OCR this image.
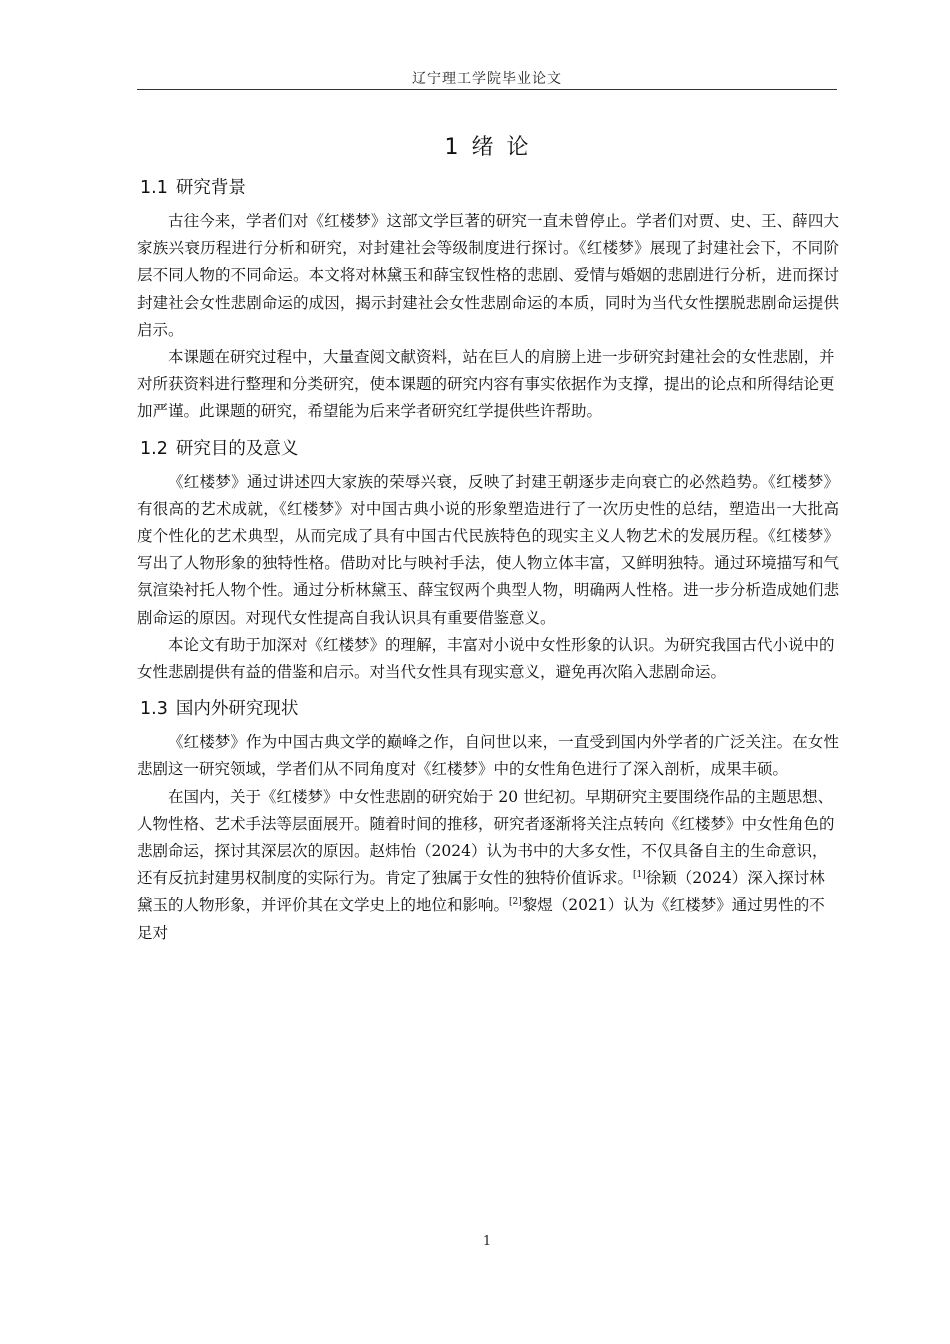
辽宁理工学院毕业论文
1 绪 论
1.1 研究背景

古往今来，学者们对《红楼梦》这部文学巨著的研究一直未曾停止。学者们对贾、史、王、薛四大家族兴衰历程进行分析和研究，对封建社会等级制度进行探讨。《红楼梦》展现了封建社会下，不同阶层不同人物的不同命运。本文将对林黛玉和薛宝钗性格的悲剧、爱情与婚姻的悲剧进行分析，进而探讨封建社会女性悲剧命运的成因，揭示封建社会女性悲剧命运的本质，同时为当代女性摆脱悲剧命运提供启示。

本课题在研究过程中，大量查阅文献资料，站在巨人的肩膀上进一步研究封建社会的女性悲剧，并对所获资料进行整理和分类研究，使本课题的研究内容有事实依据作为支撑，提出的论点和所得结论更加严谨。此课题的研究，希望能为后来学者研究红学提供些许帮助。

1.2 研究目的及意义

《红楼梦》通过讲述四大家族的荣辱兴衰，反映了封建王朝逐步走向衰亡的必然趋势。《红楼梦》有很高的艺术成就，《红楼梦》对中国古典小说的形象塑造进行了一次历史性的总结，塑造出一大批高度个性化的艺术典型，从而完成了具有中国古代民族特色的现实主义人物艺术的发展历程。《红楼梦》写出了人物形象的独特性格。借助对比与映衬手法，使人物立体丰富，又鲜明独特。通过环境描写和气氛渲染衬托人物个性。通过分析林黛玉、薛宝钗两个典型人物，明确两人性格。进一步分析造成她们悲剧命运的原因。对现代女性提高自我认识具有重要借鉴意义。

本论文有助于加深对《红楼梦》的理解，丰富对小说中女性形象的认识。为研究我国古代小说中的女性悲剧提供有益的借鉴和启示。对当代女性具有现实意义，避免再次陷入悲剧命运。

1.3 国内外研究现状

《红楼梦》作为中国古典文学的巅峰之作，自问世以来，一直受到国内外学者的广泛关注。在女性悲剧这一研究领域，学者们从不同角度对《红楼梦》中的女性角色进行了深入剖析，成果丰硕。

在国内，关于《红楼梦》中女性悲剧的研究始于 20 世纪初。早期研究主要围绕作品的主题思想、人物性格、艺术手法等层面展开。随着时间的推移，研究者逐渐将关注点转向《红楼梦》中女性角色的悲剧命运，探讨其深层次的原因。赵炜怡（2024）认为书中的大多女性，不仅具备自主的生命意识，还有反抗封建男权制度的实际行为。肯定了独属于女性的独特价值诉求。[1]徐颖（2024）深入探讨林黛玉的人物形象，并评价其在文学史上的地位和影响。[2]黎煜（2021）认为《红楼梦》通过男性的不足对

1
